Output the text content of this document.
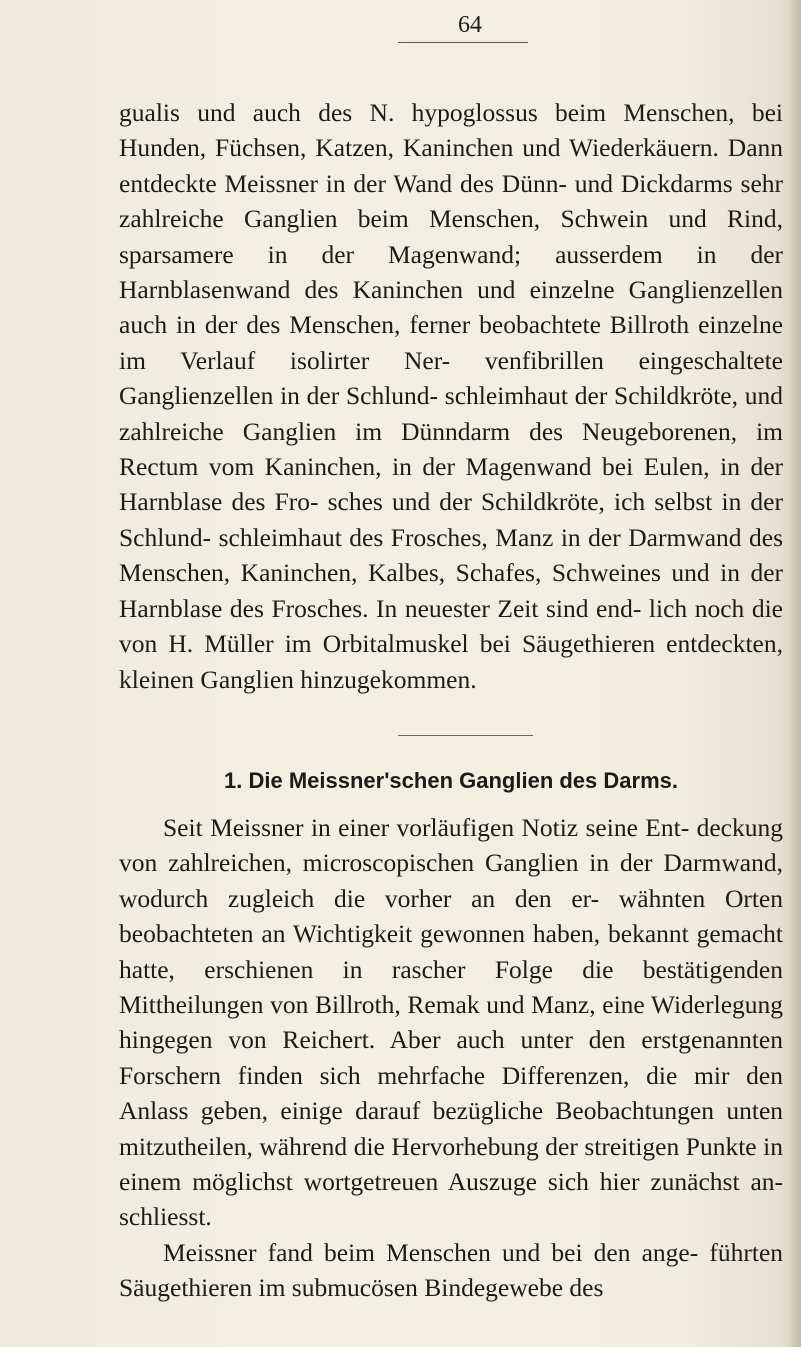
64

gualis und auch des N. hypoglossus beim Menschen, bei Hunden, Füchsen, Katzen, Kaninchen und Wiederkäuern. Dann entdeckte Meissner in der Wand des Dünn- und Dickdarms sehr zahlreiche Ganglien beim Menschen, Schwein und Rind, sparsamere in der Magenwand; ausserdem in der Harnblasenwand des Kaninchen und einzelne Ganglienzellen auch in der des Menschen, ferner beobachtete Billroth einzelne im Verlauf isolirter Ner- venfibrillen eingeschaltete Ganglienzellen in der Schlund- schleimhaut der Schildkröte, und zahlreiche Ganglien im Dünndarm des Neugeborenen, im Rectum vom Kaninchen, in der Magenwand bei Eulen, in der Harnblase des Fro- sches und der Schildkröte, ich selbst in der Schlund- schleimhaut des Frosches, Manz in der Darmwand des Menschen, Kaninchen, Kalbes, Schafes, Schweines und in der Harnblase des Frosches. In neuester Zeit sind end- lich noch die von H. Müller im Orbitalmuskel bei Säugethieren entdeckten, kleinen Ganglien hinzugekommen.

1. Die Meissner'schen Ganglien des Darms.

Seit Meissner in einer vorläufigen Notiz seine Ent- deckung von zahlreichen, microscopischen Ganglien in der Darmwand, wodurch zugleich die vorher an den er- wähnten Orten beobachteten an Wichtigkeit gewonnen haben, bekannt gemacht hatte, erschienen in rascher Folge die bestätigenden Mittheilungen von Billroth, Remak und Manz, eine Widerlegung hingegen von Reichert. Aber auch unter den erstgenannten Forschern finden sich mehrfache Differenzen, die mir den Anlass geben, einige darauf bezügliche Beobachtungen unten mitzutheilen, während die Hervorhebung der streitigen Punkte in einem möglichst wortgetreuen Auszuge sich hier zunächst an- schliesst.

Meissner fand beim Menschen und bei den ange- führten Säugethieren im submucösen Bindegewebe des
